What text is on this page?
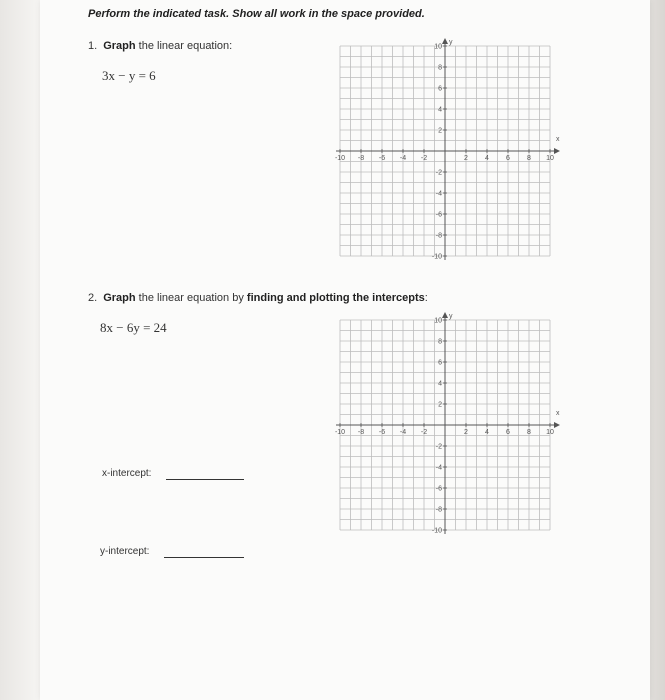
Perform the indicated task. Show all work in the space provided.
1. Graph the linear equation:
3x − y = 6
x
y
-10 -8 -6 -4 -2	2 4 6 8 10
10
8
6
4
2
-2
-4
-6
-8
-10
2. Graph the linear equation by finding and plotting the intercepts:
8x − 6y = 24
x
y
-10 -8 -6 -4 -2	2 4 6 8 10
10
8
6
4
2
-2
-4
-6
-8
-10
x-intercept:
y-intercept:
